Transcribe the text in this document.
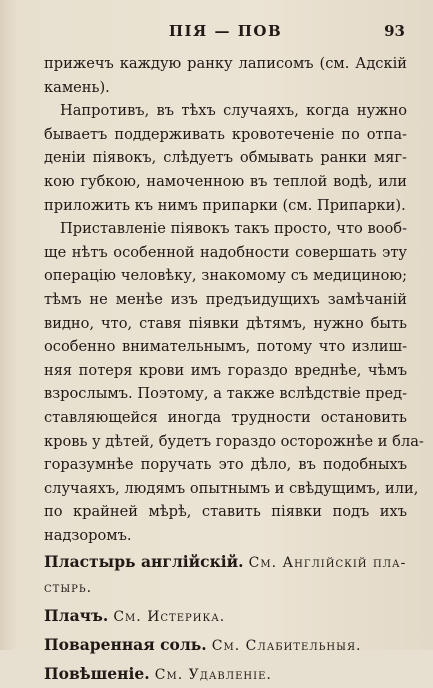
ПІЯ — ПОВ	93
прижечъ каждую ранку лаписомъ (см. Адскій
камень).
Напротивъ, въ тѣхъ случаяхъ, когда нужно
бываетъ поддерживать кровотеченіе по отпа-
деніи піявокъ, слѣдуетъ обмывать ранки мяг-
кою губкою, намоченною въ теплой водѣ, или
приложить къ нимъ припарки (см. Припарки).
Приставленіе піявокъ такъ просто, что вооб-
ще нѣтъ особенной надобности совершать эту
операцію человѣку, знакомому съ медициною;
тѣмъ не менѣе изъ предъидущихъ замѣчаній
видно, что, ставя піявки дѣтямъ, нужно быть
особенно внимательнымъ, потому что излиш-
няя потеря крови имъ гораздо вреднѣе, чѣмъ
взрослымъ. Поэтому, а также вслѣдствіе пред-
ставляющейся иногда трудности остановить
кровь у дѣтей, будетъ гораздо осторожнѣе и бла-
горазумнѣе поручать это дѣло, въ подобныхъ
случаяхъ, людямъ опытнымъ и свѣдущимъ, или,
по крайней мѣрѣ, ставить піявки подъ ихъ
надзоромъ.
Пластырь англійскій. См. Англійскій пла-
стырь.
Плачъ. См. Истерика.
Поваренная соль. См. Слабительныя.
Повѣшеніе. См. Удавленіе.
